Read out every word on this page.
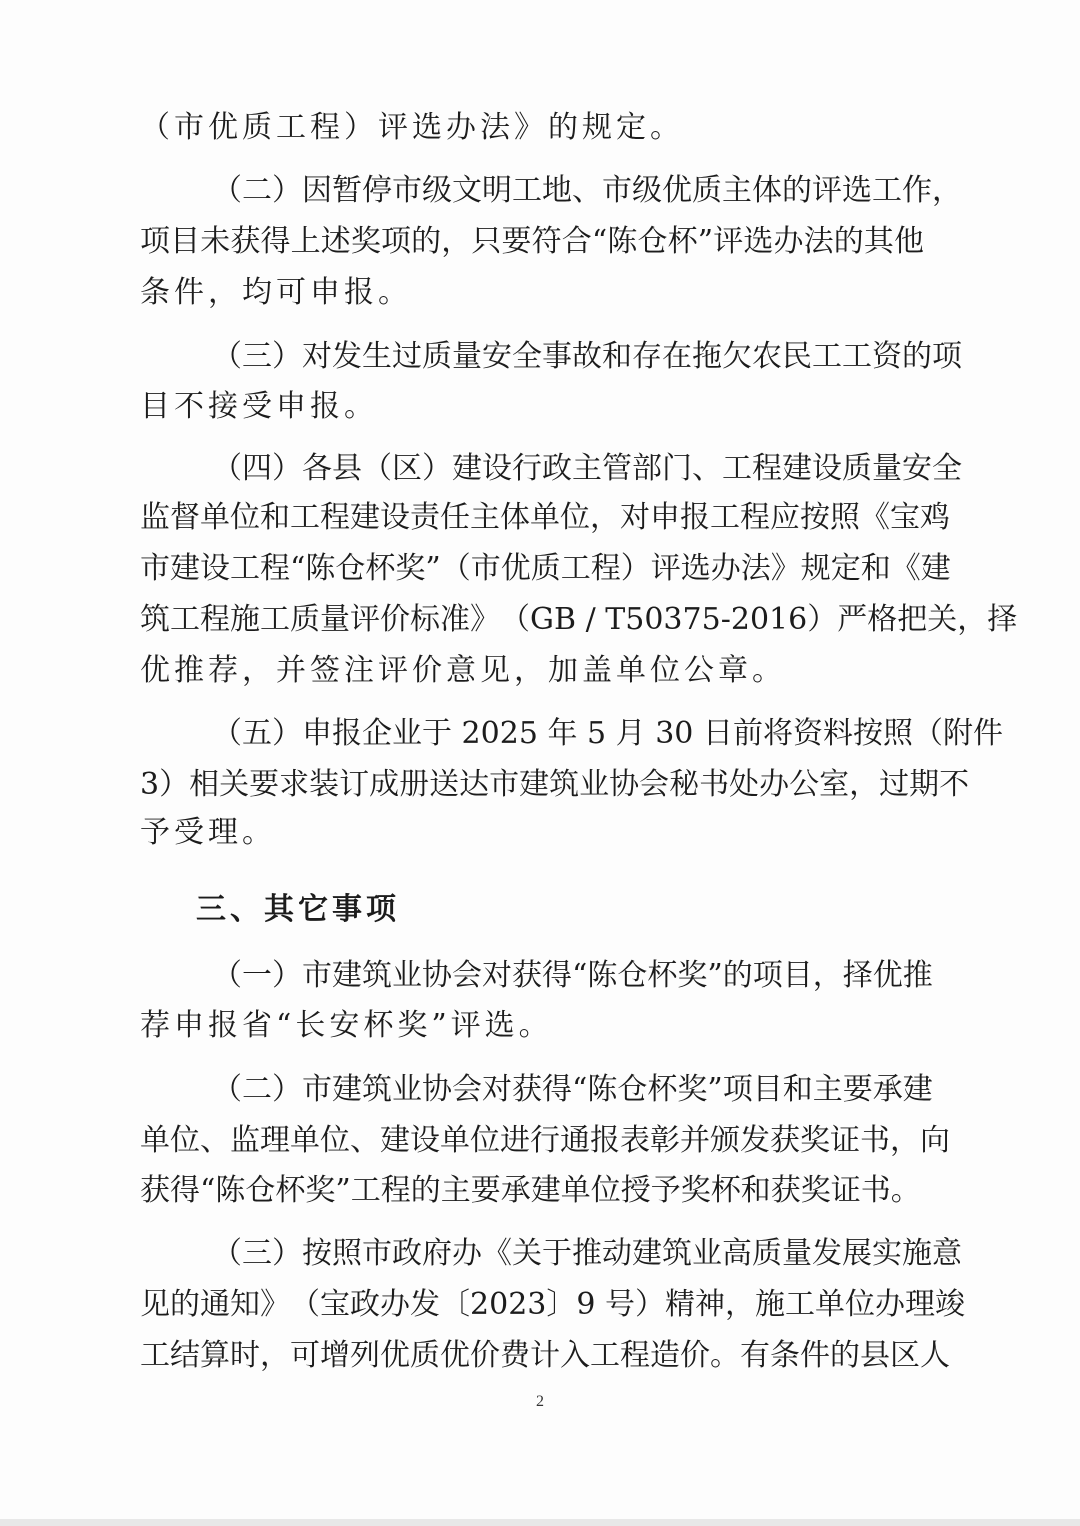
（市优质工程）评选办法》的规定。
（ 二 ） 因 暂 停 市 级 文 明 工 地 、 市 级 优 质 主 体 的 评 选 工 作 ，
项 目 未 获 得 上 述 奖 项 的 ， 只 要 符 合 “ 陈 仓 杯 ” 评 选 办 法 的 其 他
条件，均可申报。
（ 三 ） 对 发 生 过 质 量 安 全 事 故 和 存 在 拖 欠 农 民 工 工 资 的 项
目不接受申报。
（ 四 ） 各 县 （ 区 ） 建 设 行 政 主 管 部 门 、 工 程 建 设 质 量 安 全
监 督 单 位 和 工 程 建 设 责 任 主 体 单 位 ， 对 申 报 工 程 应 按 照 《 宝 鸡
市 建 设 工 程 “ 陈 仓 杯 奖 ” （ 市 优 质 工 程 ） 评 选 办 法 》 规 定 和 《 建
筑 工 程 施 工 质 量 评 价 标 准 》 （ G B
/
T 5 0 3 7 5 - 2 0 1 6 ） 严 格 把 关 ， 择
优推荐，并签注评价意见，加盖单位公章。
（ 五 ） 申 报 企 业 于
2 0 2 5
年
5
月
3 0
日 前 将 资 料 按 照 （ 附 件
3 ） 相 关 要 求 装 订 成 册 送 达 市 建 筑 业 协 会 秘 书 处 办 公 室 ， 过 期 不
予受理。
三、其它事项
（ 一 ） 市 建 筑 业 协 会 对 获 得 “ 陈 仓 杯 奖 ” 的 项 目 ， 择 优 推
荐申报省“长安杯奖”评选。
（ 二 ） 市 建 筑 业 协 会 对 获 得 “ 陈 仓 杯 奖 ” 项 目 和 主 要 承 建
单 位 、 监 理 单 位 、 建 设 单 位 进 行 通 报 表 彰 并 颁 发 获 奖 证 书 ， 向
获 得 “ 陈 仓 杯 奖 ” 工 程 的 主 要 承 建 单 位 授 予 奖 杯 和 获 奖 证 书 。
（ 三 ） 按 照 市 政 府 办 《 关 于 推 动 建 筑 业 高 质 量 发 展 实 施 意
见 的 通 知 》 （ 宝 政 办 发 〔 2 0 2 3 〕 9
号 ） 精 神 ， 施 工 单 位 办 理 竣
工 结 算 时 ， 可 增 列 优 质 优 价 费 计 入 工 程 造 价 。 有 条 件 的 县 区 人
2
